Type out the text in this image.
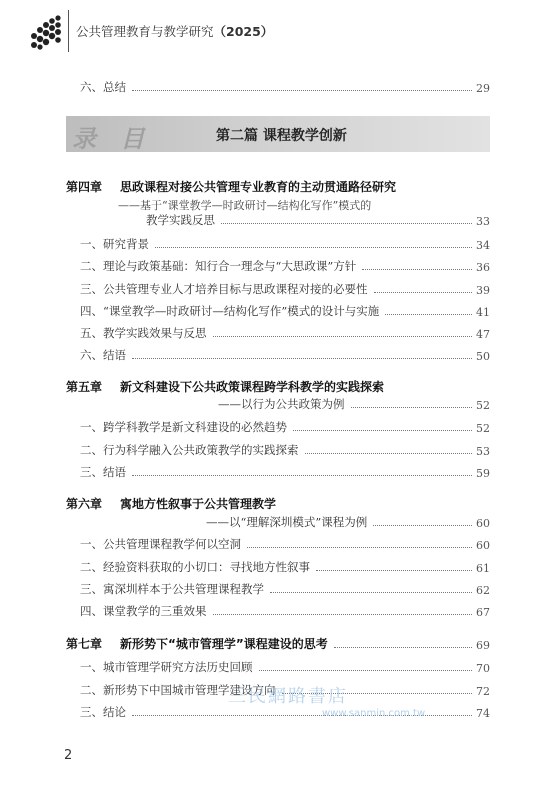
公共管理教育与教学研究（2025）
六、总结	29
录 目	第二篇 课程教学创新
第四章 思政课程对接公共管理专业教育的主动贯通路径研究
——基于“课堂教学—时政研讨—结构化写作”模式的
教学实践反思	33
一、研究背景	34
二、理论与政策基础：知行合一理念与“大思政课”方针	36
三、公共管理专业人才培养目标与思政课程对接的必要性	39
四、“课堂教学—时政研讨—结构化写作”模式的设计与实施	41
五、教学实践效果与反思	47
六、结语	50
第五章 新文科建设下公共政策课程跨学科教学的实践探索
——以行为公共政策为例	52
一、跨学科教学是新文科建设的必然趋势	52
二、行为科学融入公共政策教学的实践探索	53
三、结语	59
第六章 寓地方性叙事于公共管理教学
——以“理解深圳模式”课程为例	60
一、公共管理课程教学何以空洞	60
二、经验资料获取的小切口：寻找地方性叙事	61
三、寓深圳样本于公共管理课程教学	62
四、课堂教学的三重效果	67
第七章 新形势下“城市管理学”课程建设的思考	69
一、城市管理学研究方法历史回顾	70
二、新形势下中国城市管理学建设方向	72
三、结论	74
三民網路書店
www.sanmin.com.tw
2
